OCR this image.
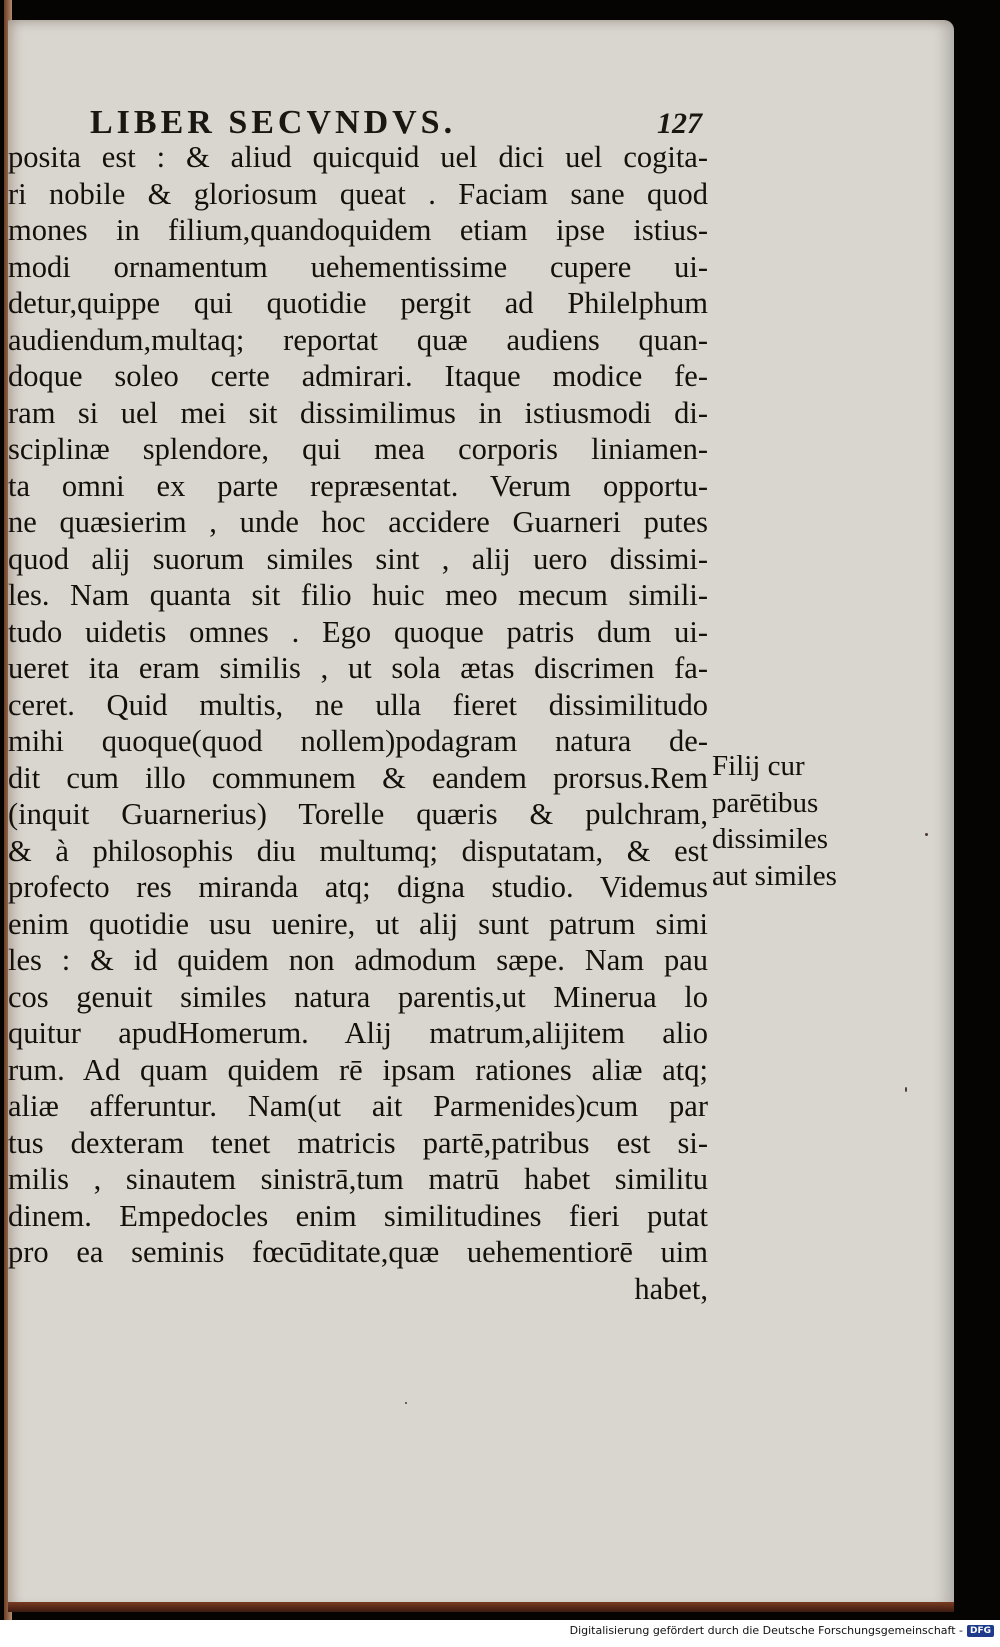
LIBER SECVNDVS.	127
posita est : & aliud quicquid uel dici uel cogita-
ri nobile & gloriosum queat . Faciam sane quod
mones in filium,quandoquidem etiam ipse istius-
modi ornamentum uehementissime cupere ui-
detur,quippe qui quotidie pergit ad Philelphum
audiendum,multaq; reportat quæ audiens quan-
doque soleo certe admirari. Itaque modice fe-
ram si uel mei sit dissimilimus in istiusmodi di-
sciplinæ splendore, qui mea corporis liniamen-
ta omni ex parte repræsentat. Verum opportu-
ne quæsierim , unde hoc accidere Guarneri putes
quod alij suorum similes sint , alij uero dissimi-
les. Nam quanta sit filio huic meo mecum simili-
tudo uidetis omnes . Ego quoque patris dum ui-
ueret ita eram similis , ut sola ætas discrimen fa-
ceret. Quid multis, ne ulla fieret dissimilitudo
mihi quoque(quod nollem)podagram natura de-
dit cum illo communem & eandem prorsus.Rem
(inquit Guarnerius) Torelle quæris & pulchram,
& à philosophis diu multumq; disputatam, & est
profecto res miranda atq; digna studio. Videmus
enim quotidie usu uenire, ut alij sunt patrum simi
les : & id quidem non admodum sæpe. Nam pau
cos genuit similes natura parentis,ut Minerua lo
quitur apudHomerum. Alij matrum,alijitem alio
rum. Ad quam quidem rē ipsam rationes aliæ atq;
aliæ afferuntur. Nam(ut ait Parmenides)cum par
tus dexteram tenet matricis partē,patribus est si-
milis , sinautem sinistrā,tum matrū habet similitu
dinem. Empedocles enim similitudines fieri putat
pro ea seminis fœcūditate,quæ uehementiorē uim
habet,
Filij cur
parētibus
dissimiles
aut similes
Digitalisierung gefördert durch die Deutsche Forschungsgemeinschaft - DFG
